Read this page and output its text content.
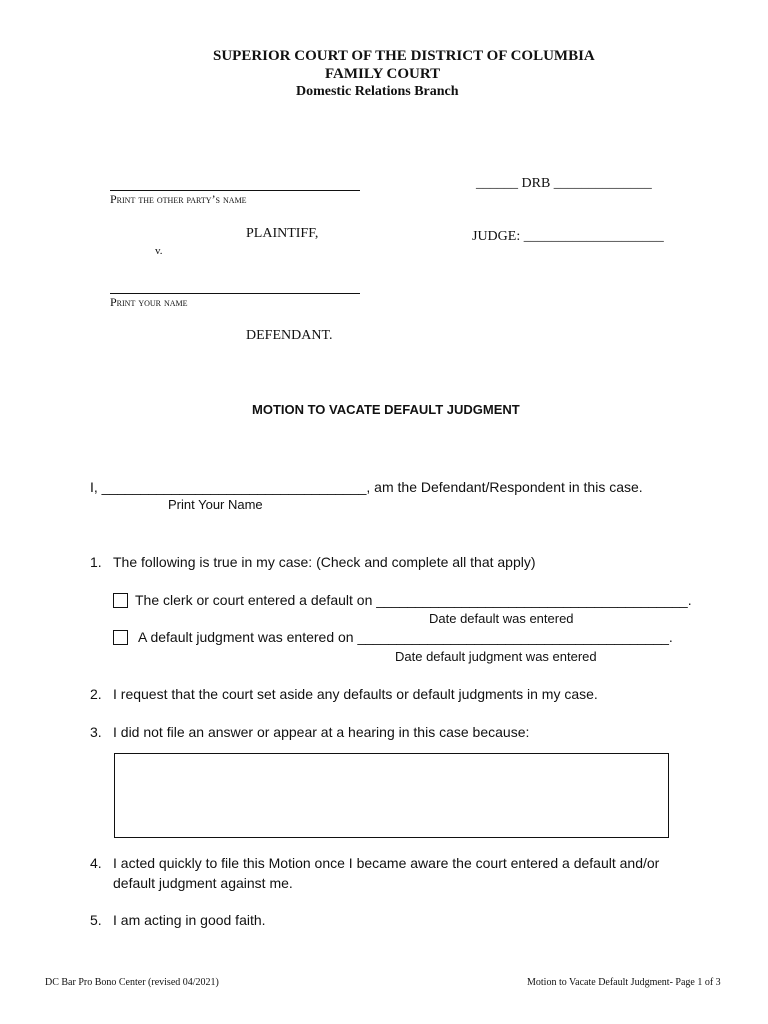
SUPERIOR COURT OF THE DISTRICT OF COLUMBIA
FAMILY COURT
Domestic Relations Branch
Print the other party’s name
PLAINTIFF,
v.
Print your name
DEFENDANT.
______ DRB ______________
JUDGE: ____________________
MOTION TO VACATE DEFAULT JUDGMENT
I, __________________________________, am the Defendant/Respondent in this case.
Print Your Name
1. The following is true in my case: (Check and complete all that apply)
The clerk or court entered a default on ________________________________________.
Date default was entered
A default judgment was entered on ________________________________________.
Date default judgment was entered
2. I request that the court set aside any defaults or default judgments in my case.
3. I did not file an answer or appear at a hearing in this case because:
4. I acted quickly to file this Motion once I became aware the court entered a default and/or
default judgment against me.
5. I am acting in good faith.
DC Bar Pro Bono Center (revised 04/2021)	Motion to Vacate Default Judgment- Page 1 of 3
